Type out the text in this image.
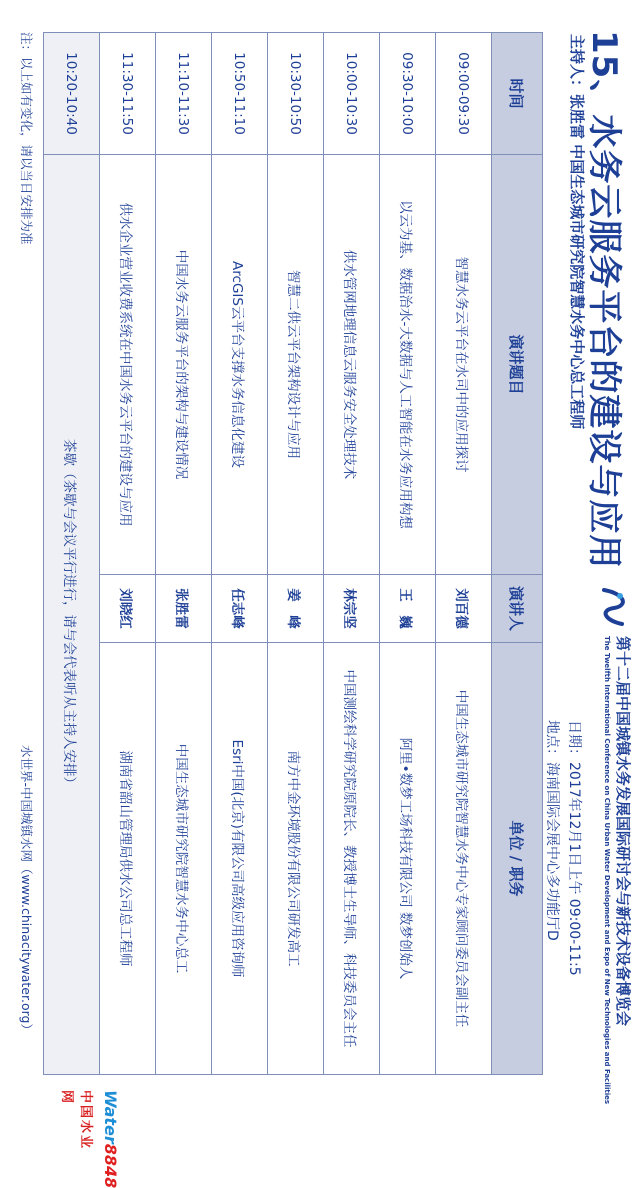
15、水务云服务平台的建设与应用
主持人：张胜雷 中国生态城市研究院智慧水务中心总工程师
第十二届中国城镇水务发展国际研讨会与新技术设备博览会
The Twelfth International Conference on China Urban Water Development and Expo of New Technologies and Facilities
日期：2017年12月1日上午 09:00-11:5
地点：海南国际会展中心多功能厅D
时间	演讲题目	演讲人	单位 / 职务
09:00-09:30	智慧水务云平台在水司中的应用探讨	刘百德	中国生态城市研究院智慧水务中心专家顾问委员会副主任
09:30-10:00	以云为基、数据治水-大数据与人工智能在水务应用构想	王　巍	阿里•数梦工场科技有限公司 数梦创始人
10:00-10:30	供水管网地理信息云服务安全处理技术	林宗坚	中国测绘科学研究院原院长、教授博士生导师、科技委员会主任
10:30-10:50	智慧二供云平台架构设计与应用	姜　峰	南方中金环境股份有限公司研发高工
10:50-11:10	ArcGIS云平台支撑水务信息化建设	任志峰	Esri中国(北京)有限公司高级应用咨询师
11:10-11:30	中国水务云服务平台的架构与建设情况	张胜雷	中国生态城市研究院智慧水务中心总工
11:30-11:50	供水企业营业收费系统在中国水务云平台的建设与应用	刘晓红	湖南省韶山管理局供水公司总工程师
10:20-10:40	茶歇（茶歇与会议平行进行，请与会代表听从主持人安排）		
注：以上如有变化，请以当日安排为准
水世界-中国城镇水网（www.chinacitywater.org）
Water8848
中国水业网
